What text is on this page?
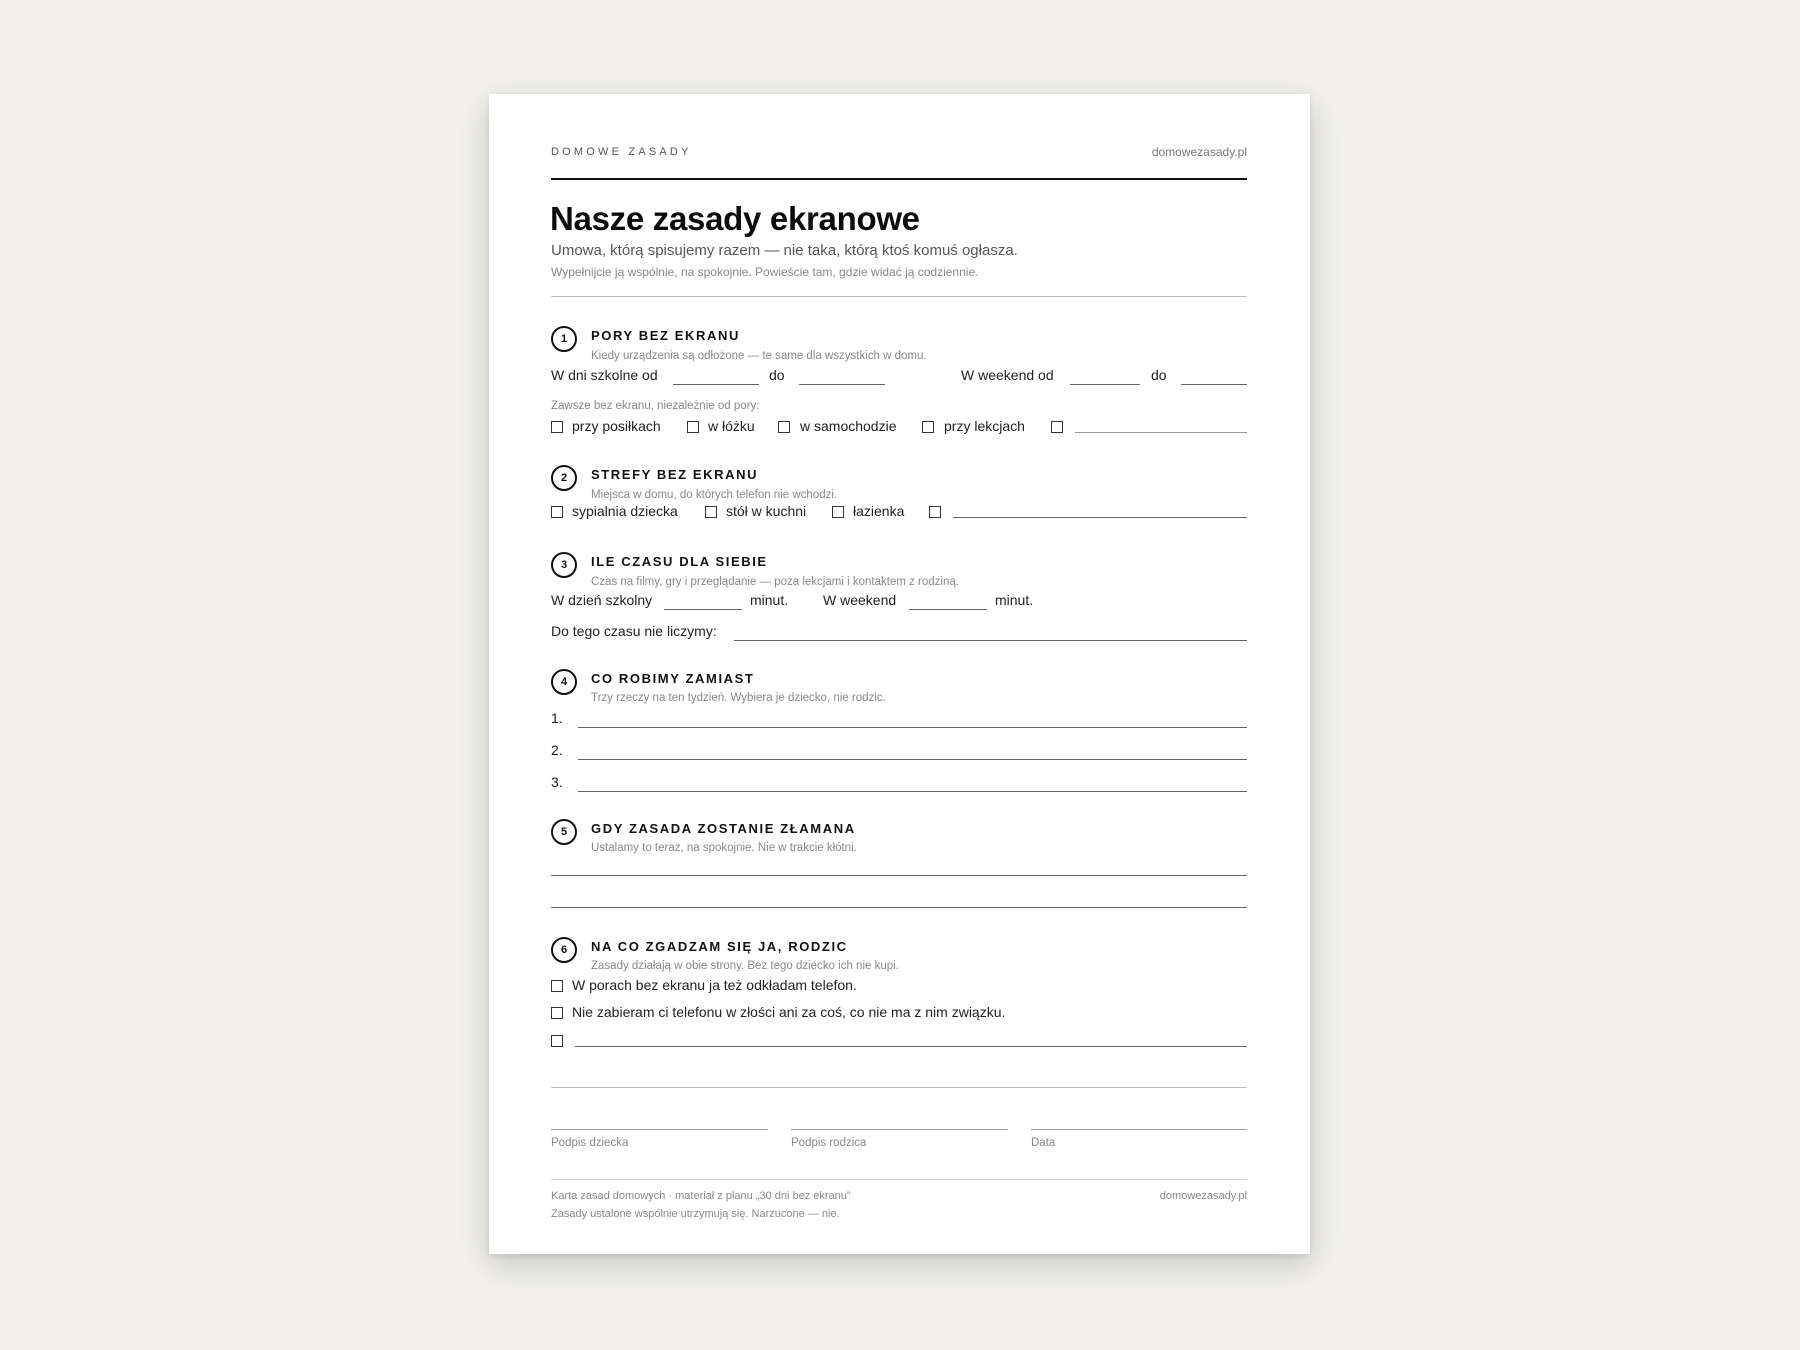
DOMOWE ZASADY	domowezasady.pl
Nasze zasady ekranowe
Umowa, którą spisujemy razem — nie taka, którą ktoś komuś ogłasza.
Wypełnijcie ją wspólnie, na spokojnie. Powieście tam, gdzie widać ją codziennie.
1	PORY BEZ EKRANU
Kiedy urządzenia są odłożone — te same dla wszystkich w domu.
W dni szkolne od	do	W weekend od	do
Zawsze bez ekranu, niezależnie od pory:
przy posiłkach	w łóżku	w samochodzie	przy lekcjach
2	STREFY BEZ EKRANU
Miejsca w domu, do których telefon nie wchodzi.
sypialnia dziecka	stół w kuchni	łazienka
3	ILE CZASU DLA SIEBIE
Czas na filmy, gry i przeglądanie — poza lekcjami i kontaktem z rodziną.
W dzień szkolny	minut. W weekend	minut.
Do tego czasu nie liczymy:
4	CO ROBIMY ZAMIAST
Trzy rzeczy na ten tydzień. Wybiera je dziecko, nie rodzic.
1.
2.
3.
5	GDY ZASADA ZOSTANIE ZŁAMANA
Ustalamy to teraz, na spokojnie. Nie w trakcie kłótni.
6	NA CO ZGADZAM SIĘ JA, RODZIC
Zasady działają w obie strony. Bez tego dziecko ich nie kupi.
W porach bez ekranu ja też odkładam telefon.
Nie zabieram ci telefonu w złości ani za coś, co nie ma z nim związku.
Podpis dziecka	Podpis rodzica	Data
Karta zasad domowych · materiał z planu „30 dni bez ekranu”
Zasady ustalone wspólnie utrzymują się. Narzucone — nie.
domowezasady.pl
